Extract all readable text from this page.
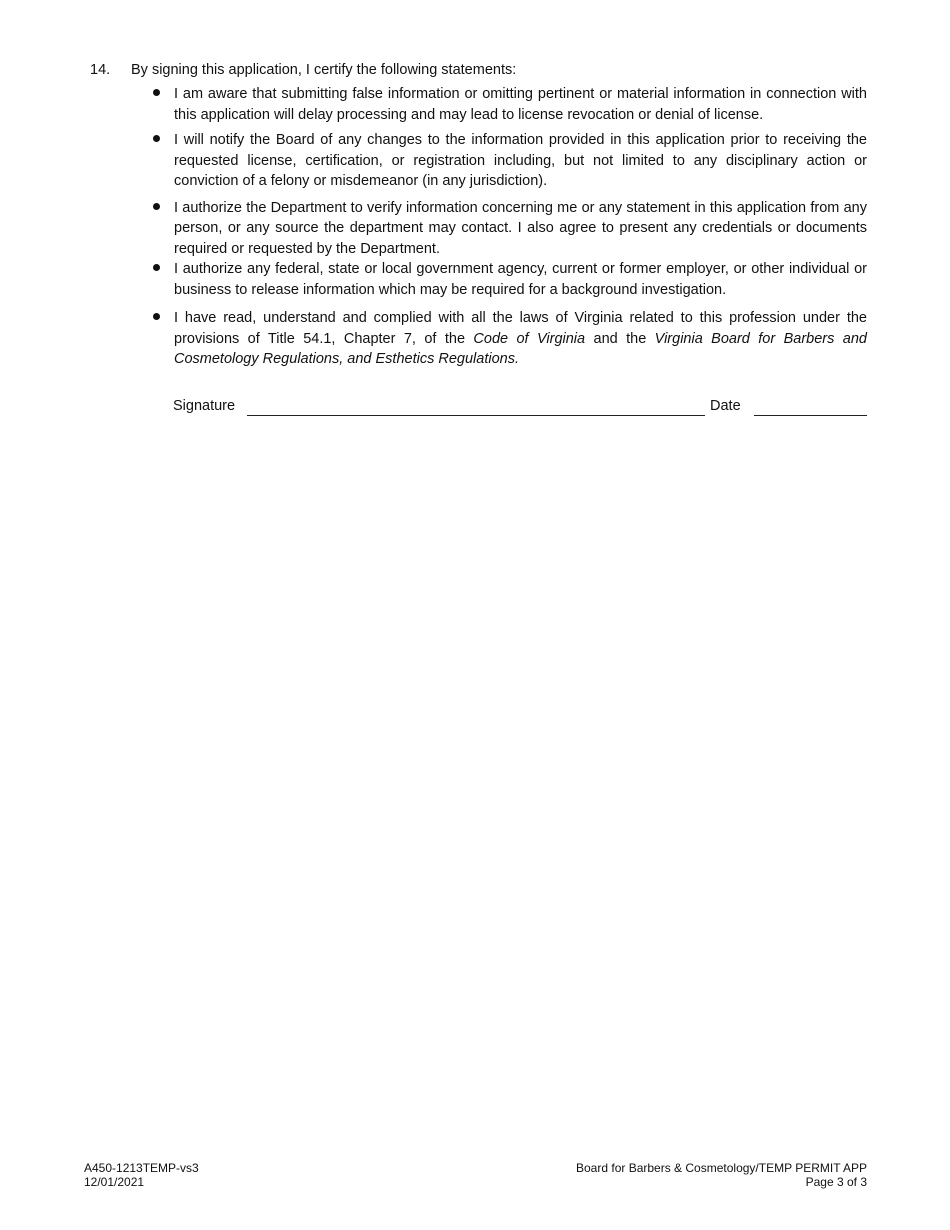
14. By signing this application, I certify the following statements:
I am aware that submitting false information or omitting pertinent or material information in connection with this application will delay processing and may lead to license revocation or denial of license.
I will notify the Board of any changes to the information provided in this application prior to receiving the requested license, certification, or registration including, but not limited to any disciplinary action or conviction of a felony or misdemeanor (in any jurisdiction).
I authorize the Department to verify information concerning me or any statement in this application from any person, or any source the department may contact. I also agree to present any credentials or documents required or requested by the Department.
I authorize any federal, state or local government agency, current or former employer, or other individual or business to release information which may be required for a background investigation.
I have read, understand and complied with all the laws of Virginia related to this profession under the provisions of Title 54.1, Chapter 7, of the Code of Virginia and the Virginia Board for Barbers and Cosmetology Regulations, and Esthetics Regulations.
Signature	Date
A450-1213TEMP-vs3
12/01/2021
Board for Barbers & Cosmetology/TEMP PERMIT APP
Page 3 of 3
